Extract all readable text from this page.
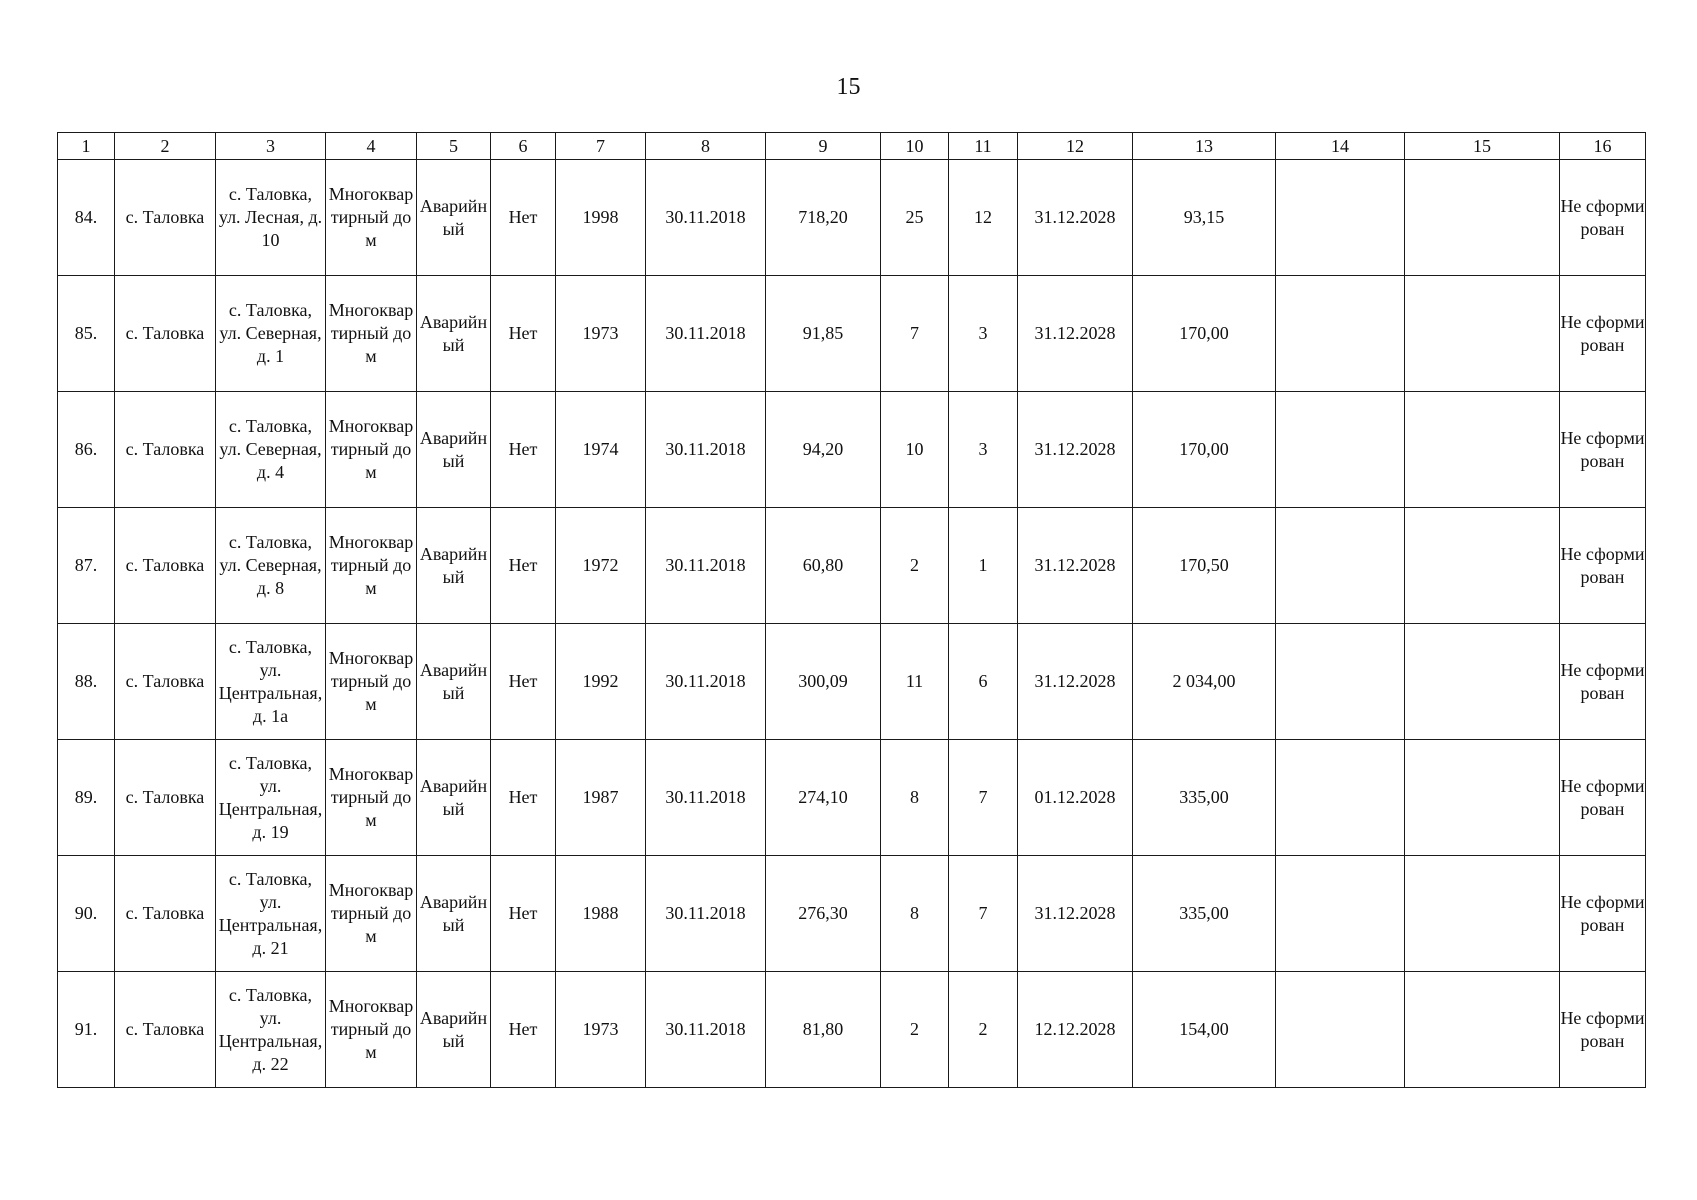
15
1	2	3	4	5	6	7	8	9	10	11	12	13	14	15	16
84.	с. Таловка	с. Таловка, ул. Лесная, д. 10	Многоквартирный дом	Аварийный	Нет	1998	30.11.2018	718,20	25	12	31.12.2028	93,15			Не сформирован
85.	с. Таловка	с. Таловка, ул. Северная, д. 1	Многоквартирный дом	Аварийный	Нет	1973	30.11.2018	91,85	7	3	31.12.2028	170,00			Не сформирован
86.	с. Таловка	с. Таловка, ул. Северная, д. 4	Многоквартирный дом	Аварийный	Нет	1974	30.11.2018	94,20	10	3	31.12.2028	170,00			Не сформирован
87.	с. Таловка	с. Таловка, ул. Северная, д. 8	Многоквартирный дом	Аварийный	Нет	1972	30.11.2018	60,80	2	1	31.12.2028	170,50			Не сформирован
88.	с. Таловка	с. Таловка, ул. Центральная, д. 1а	Многоквартирный дом	Аварийный	Нет	1992	30.11.2018	300,09	11	6	31.12.2028	2 034,00			Не сформирован
89.	с. Таловка	с. Таловка, ул. Центральная, д. 19	Многоквартирный дом	Аварийный	Нет	1987	30.11.2018	274,10	8	7	01.12.2028	335,00			Не сформирован
90.	с. Таловка	с. Таловка, ул. Центральная, д. 21	Многоквартирный дом	Аварийный	Нет	1988	30.11.2018	276,30	8	7	31.12.2028	335,00			Не сформирован
91.	с. Таловка	с. Таловка, ул. Центральная, д. 22	Многоквартирный дом	Аварийный	Нет	1973	30.11.2018	81,80	2	2	12.12.2028	154,00			Не сформирован
